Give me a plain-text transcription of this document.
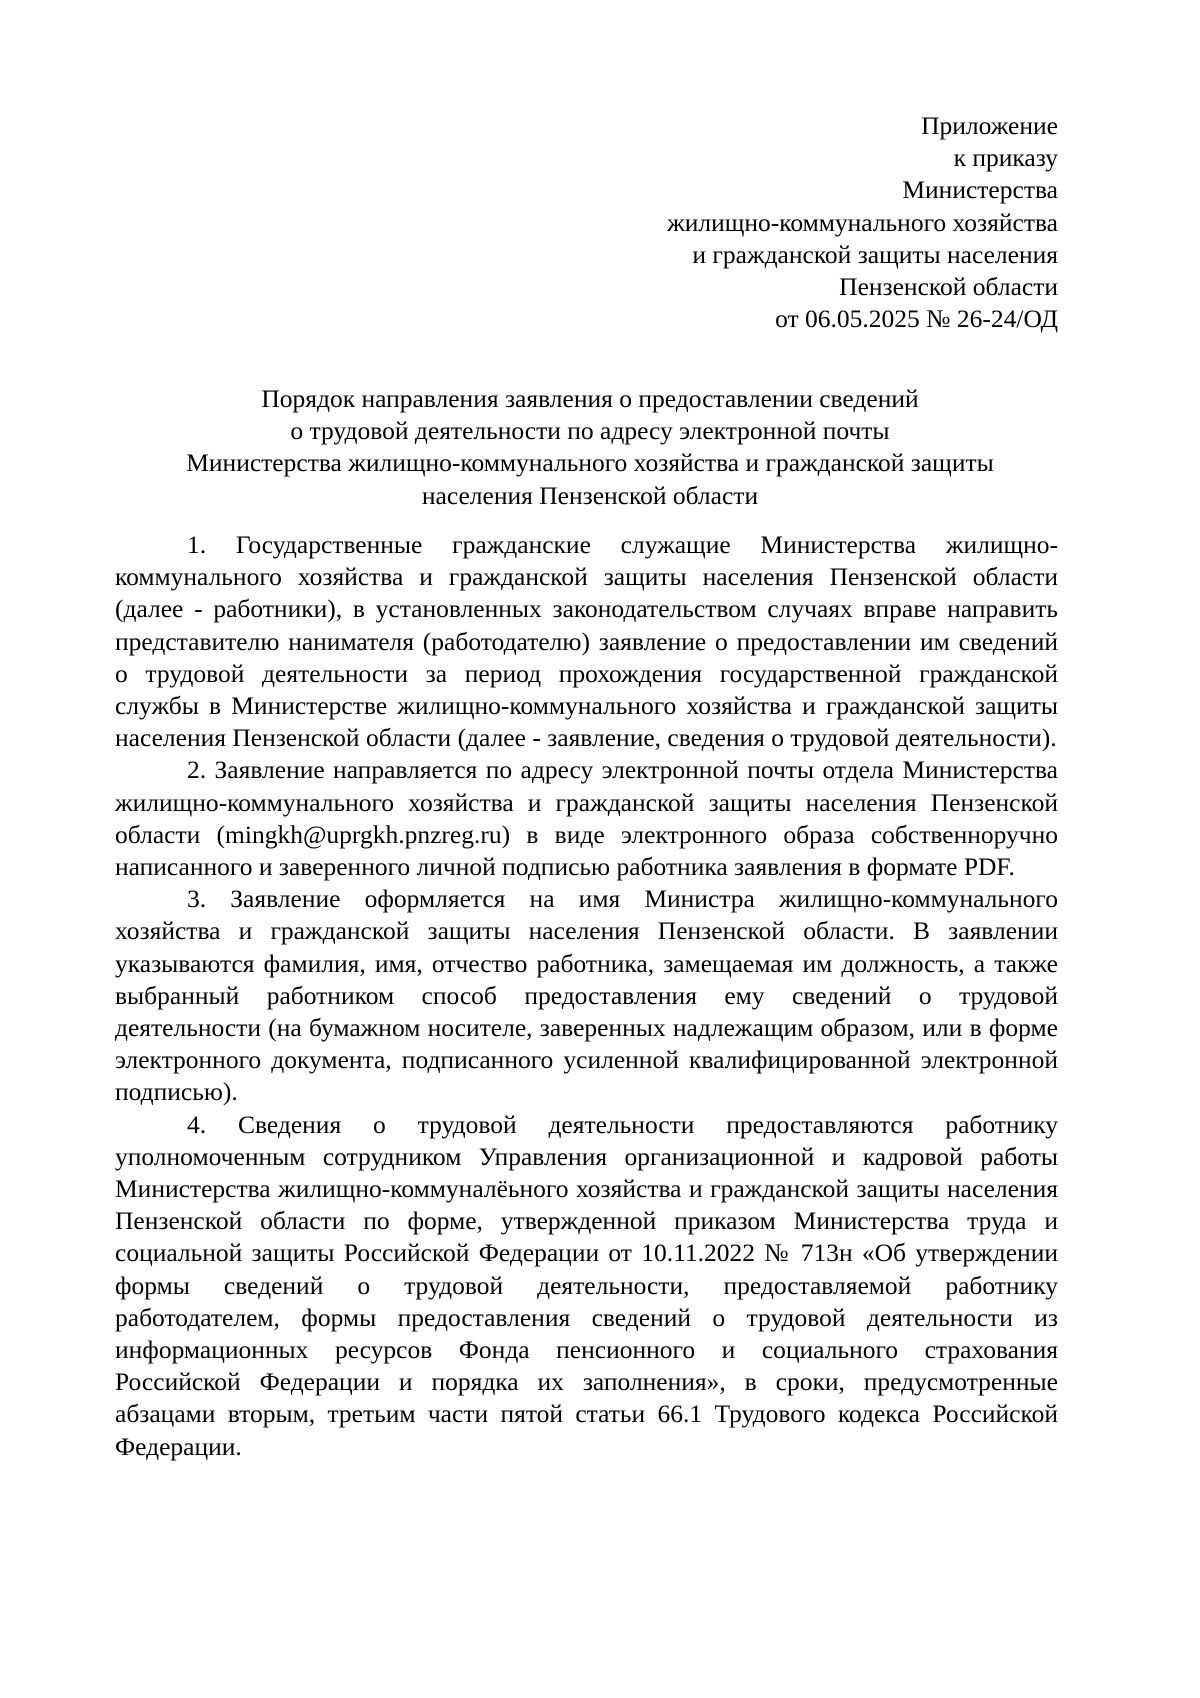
Приложение
к приказу
Министерства
жилищно-коммунального хозяйства
и гражданской защиты населения
Пензенской области
от 06.05.2025 № 26-24/ОД
Порядок направления заявления о предоставлении сведений
о трудовой деятельности по адресу электронной почты
Министерства жилищно-коммунального хозяйства и гражданской защиты
населения Пензенской области

1. Государственные гражданские служащие Министерства жилищно-коммунального хозяйства и гражданской защиты населения Пензенской области (далее - работники), в установленных законодательством случаях вправе направить представителю нанимателя (работодателю) заявление о предоставлении им сведений о трудовой деятельности за период прохождения государственной гражданской службы в Министерстве жилищно-коммунального хозяйства и гражданской защиты населения Пензенской области (далее - заявление, сведения о трудовой деятельности).

2. Заявление направляется по адресу электронной почты отдела Министерства жилищно-коммунального хозяйства и гражданской защиты населения Пензенской области (mingkh@uprgkh.pnzreg.ru) в виде электронного образа собственноручно написанного и заверенного личной подписью работника заявления в формате PDF.

3. Заявление оформляется на имя Министра жилищно-коммунального хозяйства и гражданской защиты населения Пензенской области. В заявлении указываются фамилия, имя, отчество работника, замещаемая им должность, а также выбранный работником способ предоставления ему сведений о трудовой деятельности (на бумажном носителе, заверенных надлежащим образом, или в форме электронного документа, подписанного усиленной квалифицированной электронной подписью).

4. Сведения о трудовой деятельности предоставляются работнику уполномоченным сотрудником Управления организационной и кадровой работы Министерства жилищно-коммуналёьного хозяйства и гражданской защиты населения Пензенской области по форме, утвержденной приказом Министерства труда и социальной защиты Российской Федерации от 10.11.2022 № 713н «Об утверждении формы сведений о трудовой деятельности, предоставляемой работнику работодателем, формы предоставления сведений о трудовой деятельности из информационных ресурсов Фонда пенсионного и социального страхования Российской Федерации и порядка их заполнения», в сроки, предусмотренные абзацами вторым, третьим части пятой статьи 66.1 Трудового кодекса Российской Федерации.
